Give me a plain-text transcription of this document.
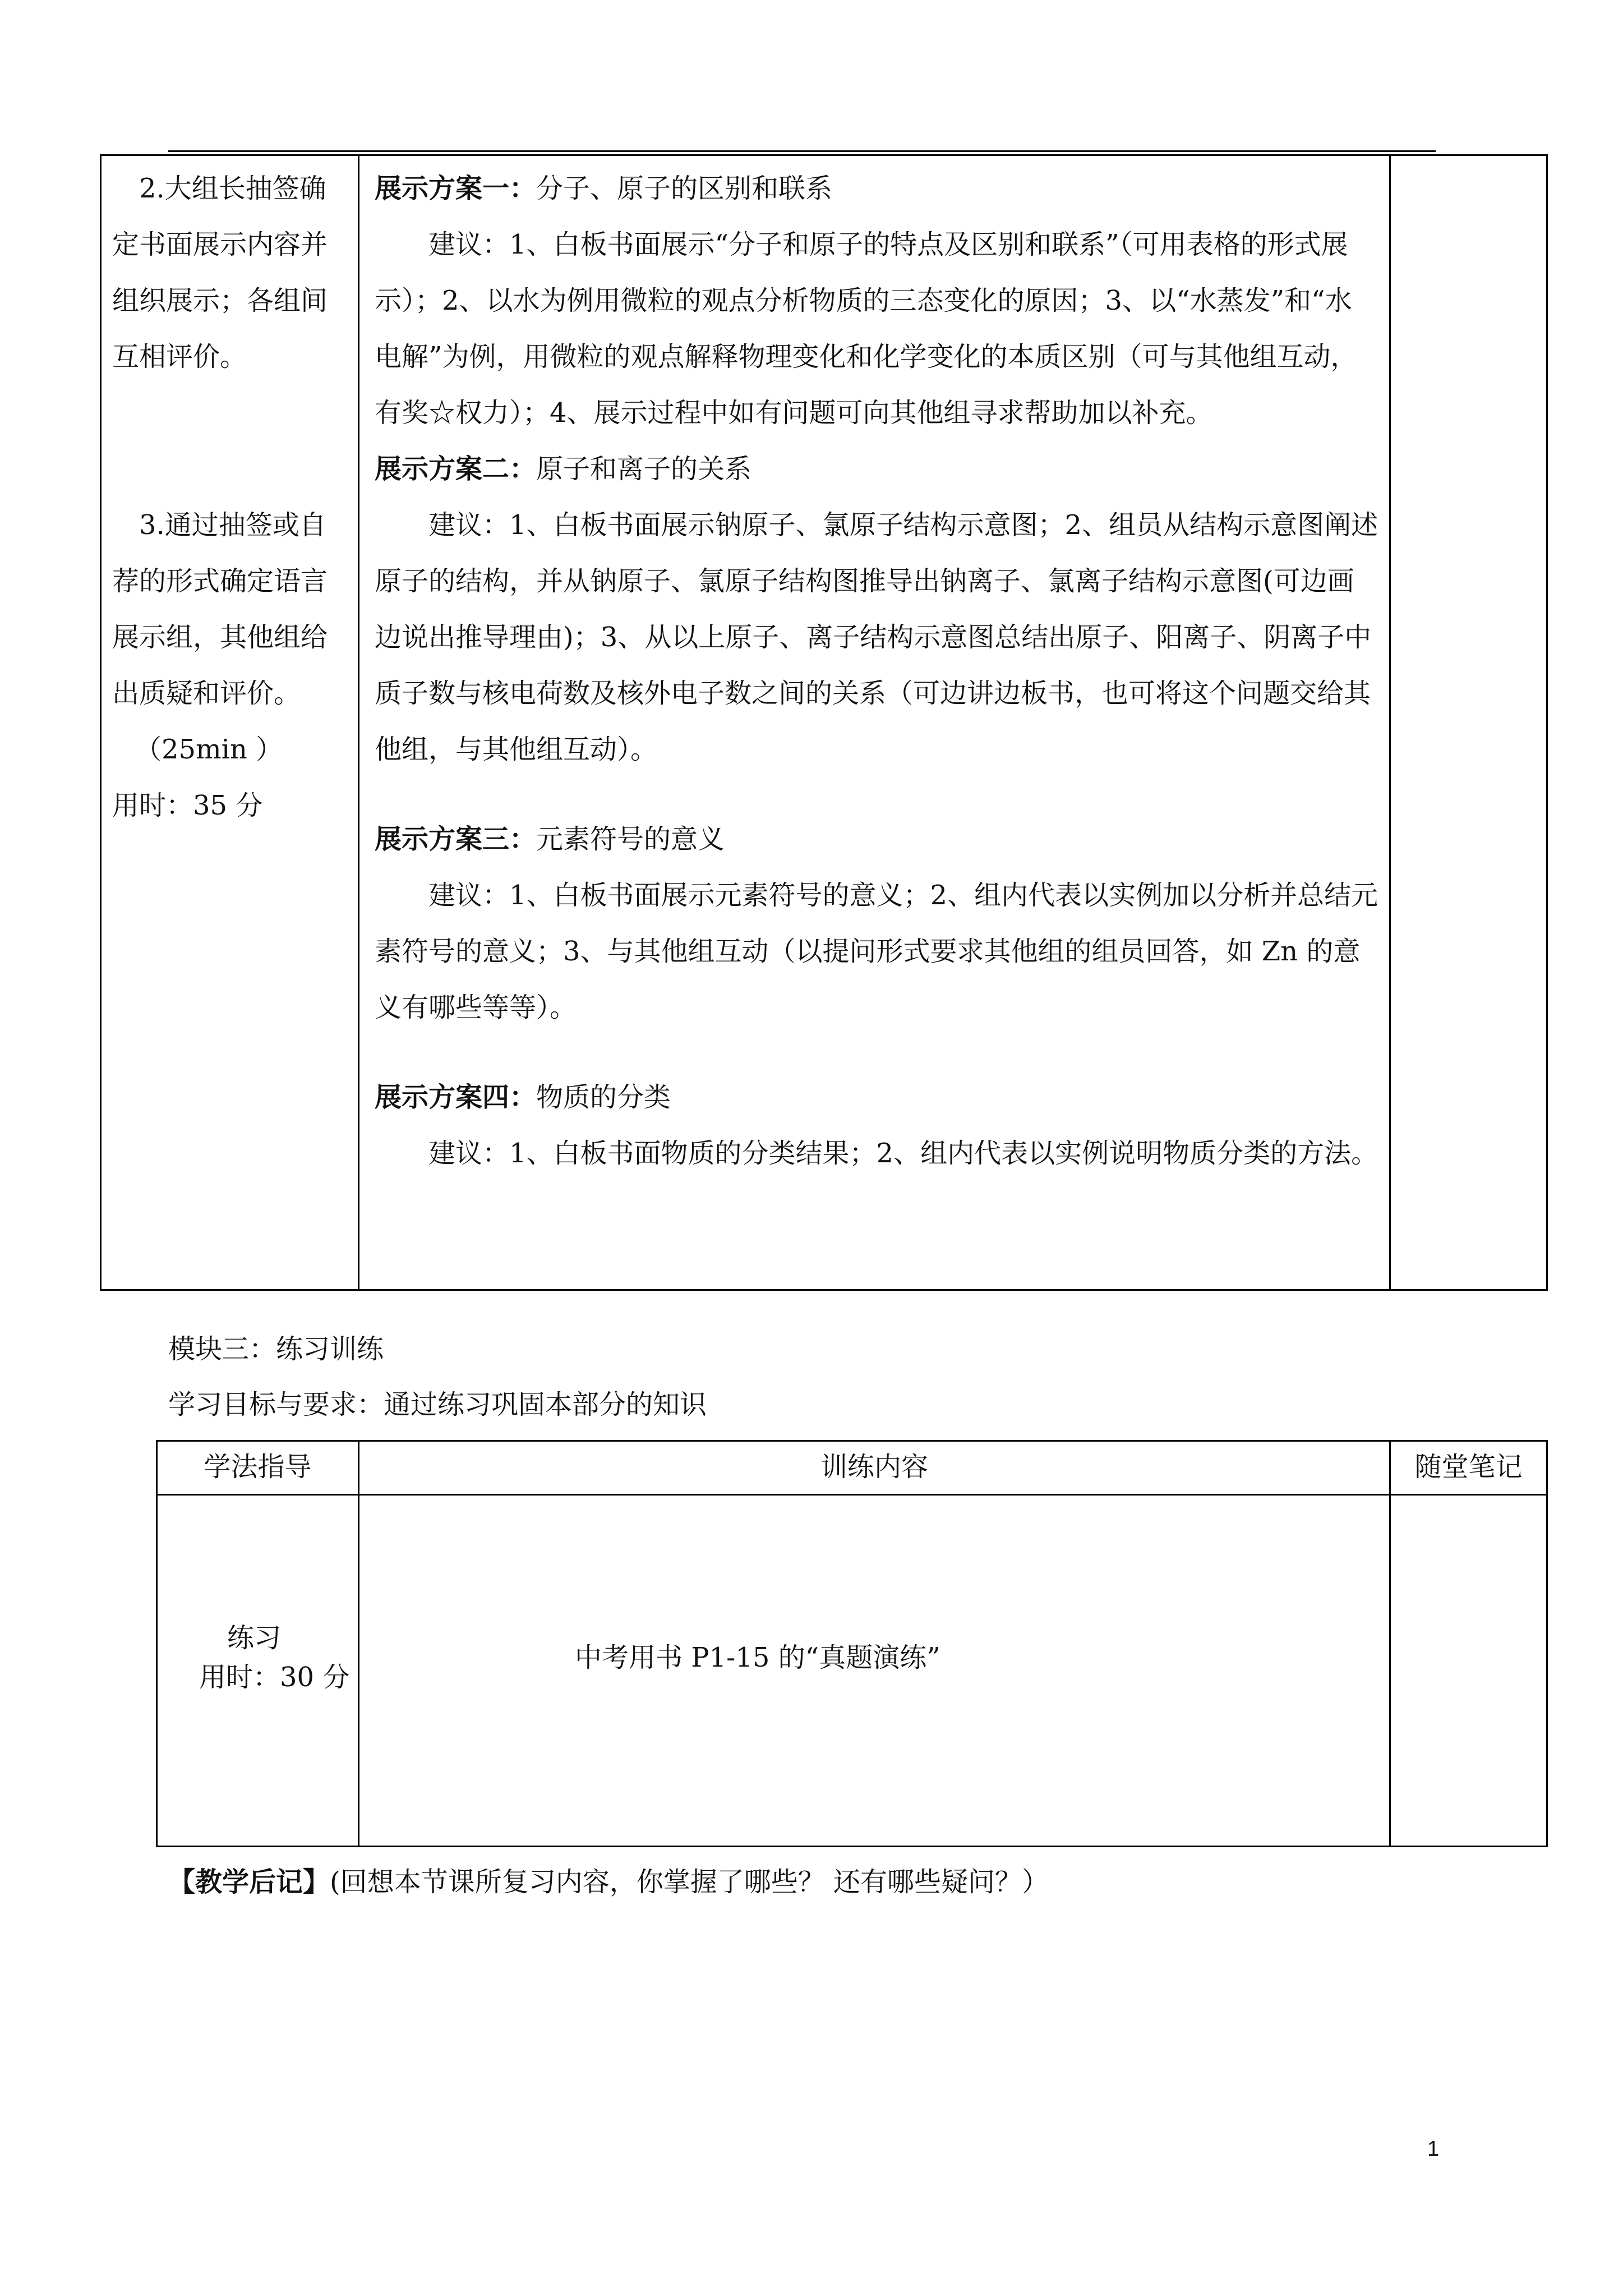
2.大组长抽签确定书面展示内容并组织展示；各组间互相评价。
3.通过抽签或自荐的形式确定语言展示组，其他组给出质疑和评价。
（25min ）
用时：35 分
展示方案一：分子、原子的区别和联系
建议：1、白板书面展示“分子和原子的特点及区别和联系”（可用表格的形式展示）；2、以水为例用微粒的观点分析物质的三态变化的原因；3、以“水蒸发”和“水电解”为例，用微粒的观点解释物理变化和化学变化的本质区别（可与其他组互动，有奖☆权力）；4、展示过程中如有问题可向其他组寻求帮助加以补充。
展示方案二：原子和离子的关系
建议：1、白板书面展示钠原子、氯原子结构示意图；2、组员从结构示意图阐述原子的结构，并从钠原子、氯原子结构图推导出钠离子、氯离子结构示意图(可边画边说出推导理由)；3、从以上原子、离子结构示意图总结出原子、阳离子、阴离子中质子数与核电荷数及核外电子数之间的关系（可边讲边板书，也可将这个问题交给其他组，与其他组互动）。
展示方案三：元素符号的意义
建议：1、白板书面展示元素符号的意义；2、组内代表以实例加以分析并总结元素符号的意义；3、与其他组互动（以提问形式要求其他组的组员回答，如 Zn 的意义有哪些等等）。
展示方案四：物质的分类
建议：1、白板书面物质的分类结果；2、组内代表以实例说明物质分类的方法。
模块三：练习训练
学习目标与要求：通过练习巩固本部分的知识
学法指导	训练内容	随堂笔记
练习
用时：30 分
中考用书 P1-15 的“真题演练”
【教学后记】(回想本节课所复习内容，你掌握了哪些？ 还有哪些疑问？）
1
